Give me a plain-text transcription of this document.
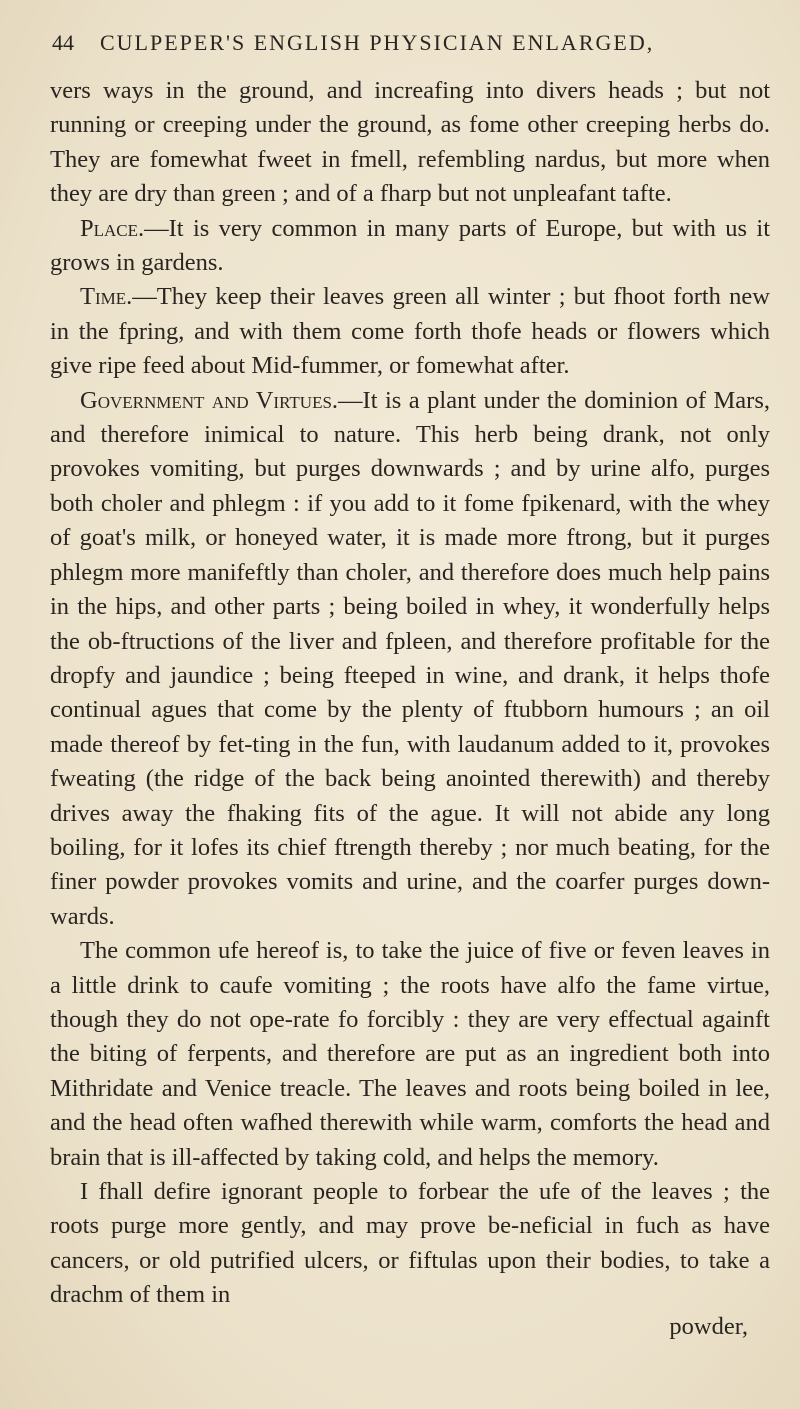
44 CULPEPER'S ENGLISH PHYSICIAN ENLARGED,

vers ways in the ground, and increafing into divers heads ; but not running or creeping under the ground, as fome other creeping herbs do. They are fomewhat fweet in fmell, refembling nardus, but more when they are dry than green ; and of a fharp but not unpleafant tafte.

Place.—It is very common in many parts of Europe, but with us it grows in gardens.

Time.—They keep their leaves green all winter ; but fhoot forth new in the fpring, and with them come forth thofe heads or flowers which give ripe feed about Mid-fummer, or fomewhat after.

Government and Virtues.—It is a plant under the dominion of Mars, and therefore inimical to nature. This herb being drank, not only provokes vomiting, but purges downwards ; and by urine alfo, purges both choler and phlegm : if you add to it fome fpikenard, with the whey of goat's milk, or honeyed water, it is made more ftrong, but it purges phlegm more manifeftly than choler, and therefore does much help pains in the hips, and other parts ; being boiled in whey, it wonderfully helps the ob-ftructions of the liver and fpleen, and therefore profitable for the dropfy and jaundice ; being fteeped in wine, and drank, it helps thofe continual agues that come by the plenty of ftubborn humours ; an oil made thereof by fet-ting in the fun, with laudanum added to it, provokes fweating (the ridge of the back being anointed therewith) and thereby drives away the fhaking fits of the ague. It will not abide any long boiling, for it lofes its chief ftrength thereby ; nor much beating, for the finer powder provokes vomits and urine, and the coarfer purges down-wards.

The common ufe hereof is, to take the juice of five or feven leaves in a little drink to caufe vomiting ; the roots have alfo the fame virtue, though they do not ope-rate fo forcibly : they are very effectual againft the biting of ferpents, and therefore are put as an ingredient both into Mithridate and Venice treacle. The leaves and roots being boiled in lee, and the head often wafhed therewith while warm, comforts the head and brain that is ill-affected by taking cold, and helps the memory.

I fhall defire ignorant people to forbear the ufe of the leaves ; the roots purge more gently, and may prove be-neficial in fuch as have cancers, or old putrified ulcers, or fiftulas upon their bodies, to take a drachm of them in

powder,
